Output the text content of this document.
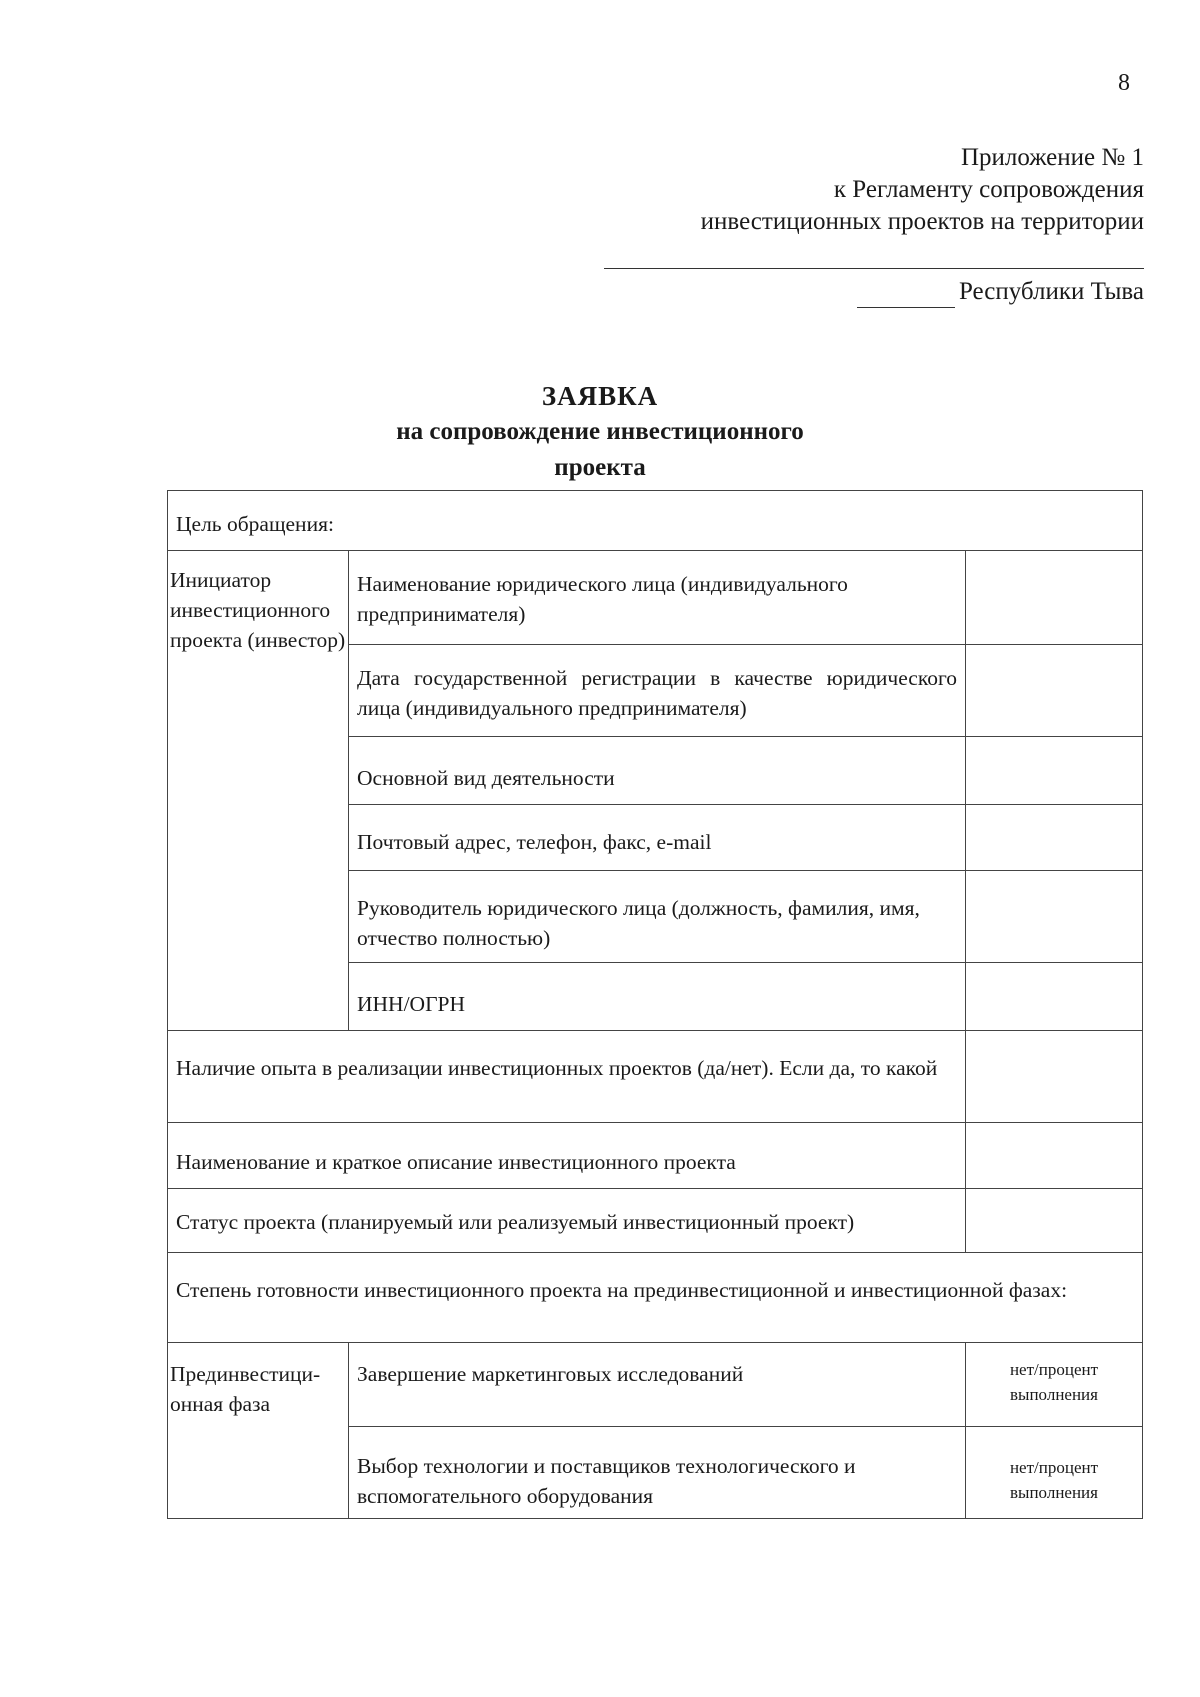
8
Приложение № 1
к Регламенту сопровождения
инвестиционных проектов на территории
Республики Тыва
ЗАЯВКА
на сопровождение инвестиционного
проекта
Цель обращения:		
Инициатор инвестиционного проекта (инвестор)	Наименование юридического лица (индивидуального предпринимателя)	

	Дата государственной регистрации в качестве юридического лица (индивидуального предпринимателя)	

	Основной вид деятельности	
	Почтовый адрес, телефон, факс, e-mail	
	Руководитель юридического лица (должность, фамилия, имя, отчество полностью)	
	ИНН/ОГРН	
Наличие опыта в реализации инвестиционных проектов (да/нет). Если да, то какой		
Наименование и краткое описание инвестиционного проекта		
Статус проекта (планируемый или реализуемый инвестиционный проект)		
Степень готовности инвестиционного проекта на прединвестиционной и инвестиционной фазах:		
Прединвестици-онная фаза	Завершение маркетинговых исследований	нет/процент выполнения
	Выбор технологии и поставщиков технологического и вспомогательного оборудования	нет/процент выполнения
